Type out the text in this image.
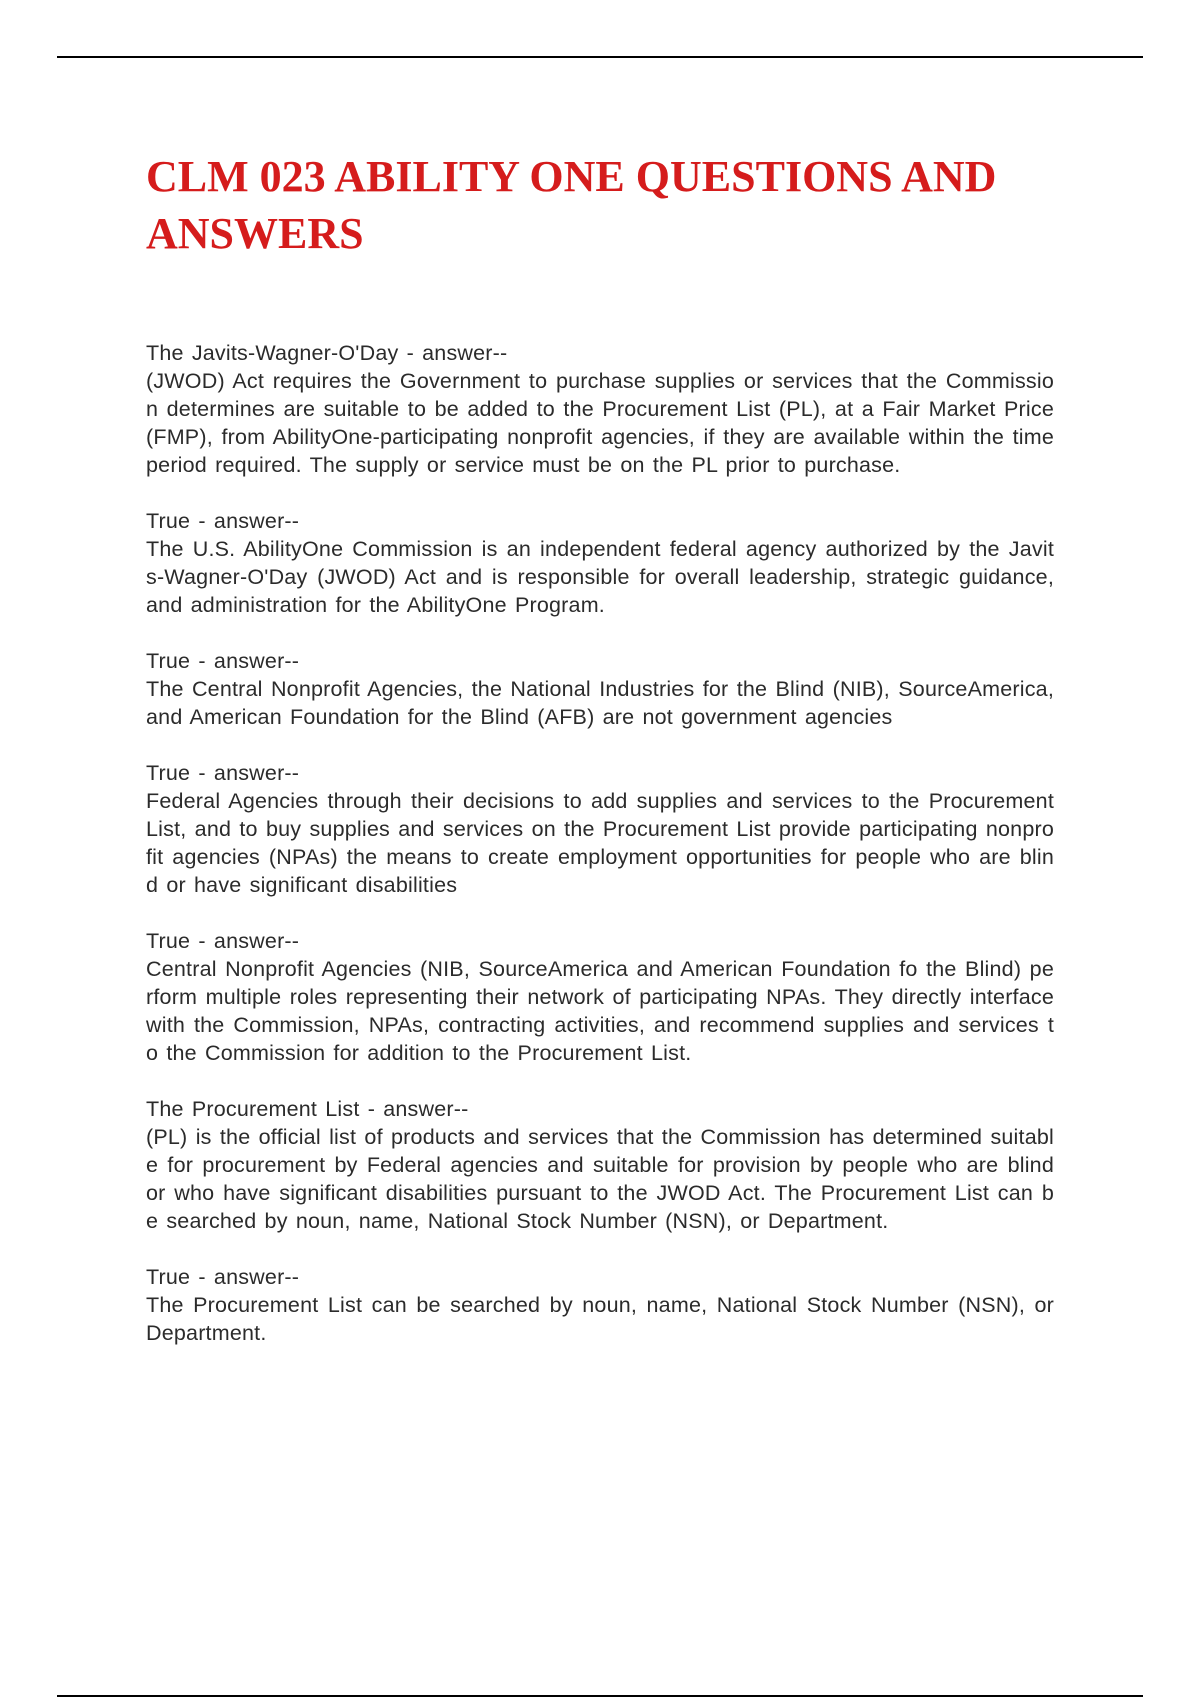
CLM 023 ABILITY ONE QUESTIONS AND ANSWERS
The Javits-Wagner-O'Day - answer--
(JWOD) Act requires the Government to purchase supplies or services that the Commission determines are suitable to be added to the Procurement List (PL), at a Fair Market Price (FMP), from AbilityOne-participating nonprofit agencies, if they are available within the time period required. The supply or service must be on the PL prior to purchase.
True - answer--
The U.S. AbilityOne Commission is an independent federal agency authorized by the Javits-Wagner-O'Day (JWOD) Act and is responsible for overall leadership, strategic guidance, and administration for the AbilityOne Program.
True - answer--
The Central Nonprofit Agencies, the National Industries for the Blind (NIB), SourceAmerica, and American Foundation for the Blind (AFB) are not government agencies
True - answer--
Federal Agencies through their decisions to add supplies and services to the Procurement List, and to buy supplies and services on the Procurement List provide participating nonprofit agencies (NPAs) the means to create employment opportunities for people who are blind or have significant disabilities
True - answer--
Central Nonprofit Agencies (NIB, SourceAmerica and American Foundation fo the Blind) perform multiple roles representing their network of participating NPAs. They directly interface with the Commission, NPAs, contracting activities, and recommend supplies and services to the Commission for addition to the Procurement List.
The Procurement List - answer--
(PL) is the official list of products and services that the Commission has determined suitable for procurement by Federal agencies and suitable for provision by people who are blind or who have significant disabilities pursuant to the JWOD Act. The Procurement List can be searched by noun, name, National Stock Number (NSN), or Department.
True - answer--
The Procurement List can be searched by noun, name, National Stock Number (NSN), or Department.
